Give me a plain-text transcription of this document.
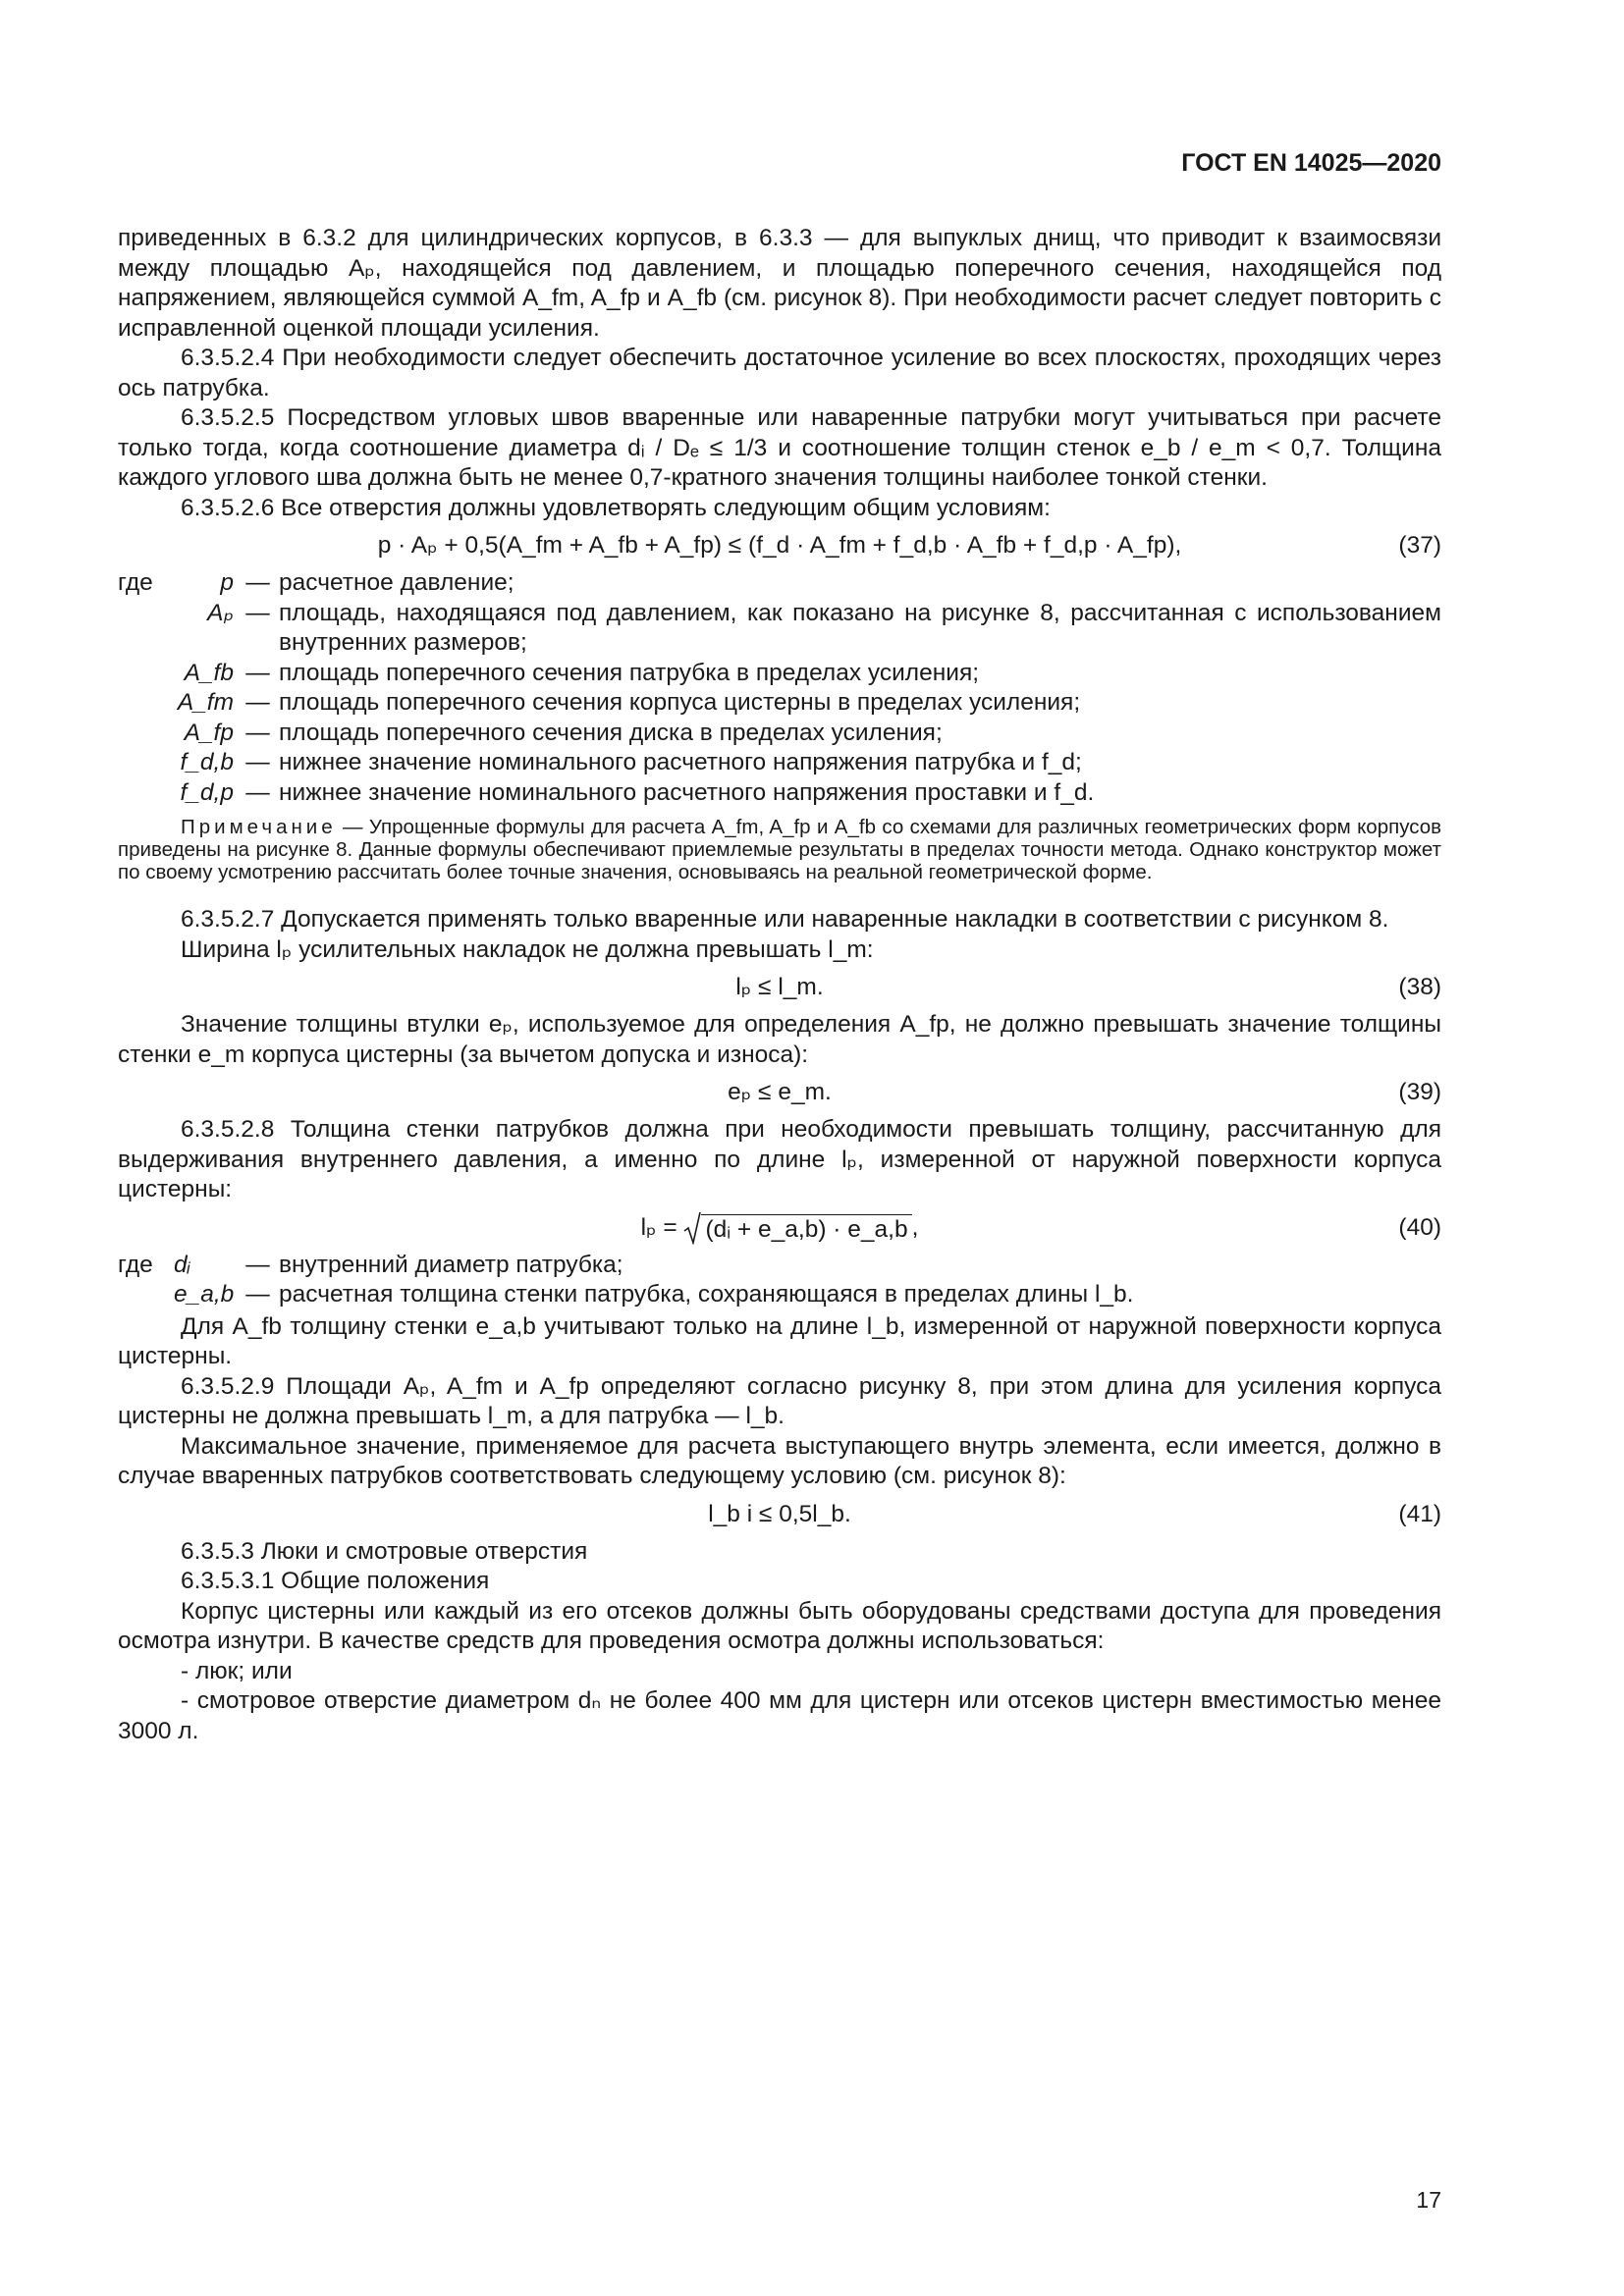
ГОСТ EN 14025—2020

приведенных в 6.3.2 для цилиндрических корпусов, в 6.3.3 — для выпуклых днищ, что приводит к взаимосвязи между площадью Aₚ, находящейся под давлением, и площадью поперечного сечения, находящейся под напряжением, являющейся суммой A_fm, A_fp и A_fb (см. рисунок 8). При необходимости расчет следует повторить с исправленной оценкой площади усиления.

6.3.5.2.4 При необходимости следует обеспечить достаточное усиление во всех плоскостях, проходящих через ось патрубка.

6.3.5.2.5 Посредством угловых швов вваренные или наваренные патрубки могут учитываться при расчете только тогда, когда соотношение диаметра dᵢ / Dₑ ≤ 1/3 и соотношение толщин стенок e_b / e_m < 0,7. Толщина каждого углового шва должна быть не менее 0,7-кратного значения толщины наиболее тонкой стенки.

6.3.5.2.6 Все отверстия должны удовлетворять следующим общим условиям:

p · Aₚ + 0,5(A_fm + A_fb + A_fp) ≤ (f_d · A_fm + f_d,b · A_fb + f_d,p · A_fp),	(37)
где	p — расчетное давление;
Aₚ — площадь, находящаяся под давлением, как показано на рисунке 8, рассчитанная с использованием внутренних размеров;
A_fb — площадь поперечного сечения патрубка в пределах усиления;
A_fm — площадь поперечного сечения корпуса цистерны в пределах усиления;
A_fp — площадь поперечного сечения диска в пределах усиления;
f_d,b — нижнее значение номинального расчетного напряжения патрубка и f_d;
f_d,p — нижнее значение номинального расчетного напряжения проставки и f_d.
Примечание — Упрощенные формулы для расчета A_fm, A_fp и A_fb со схемами для различных геометрических форм корпусов приведены на рисунке 8. Данные формулы обеспечивают приемлемые результаты в пределах точности метода. Однако конструктор может по своему усмотрению рассчитать более точные значения, основываясь на реальной геометрической форме.

6.3.5.2.7 Допускается применять только вваренные или наваренные накладки в соответствии с рисунком 8.

Ширина lₚ усилительных накладок не должна превышать l_m:

lₚ ≤ l_m.	(38)

Значение толщины втулки eₚ, используемое для определения A_fp, не должно превышать значение толщины стенки e_m корпуса цистерны (за вычетом допуска и износа):

eₚ ≤ e_m.	(39)

6.3.5.2.8 Толщина стенки патрубков должна при необходимости превышать толщину, рассчитанную для выдерживания внутреннего давления, а именно по длине lₚ, измеренной от наружной поверхности корпуса цистерны:

lₚ = (dᵢ + e_a,b) · e_a,b ,	(40)
где dᵢ	— внутренний диаметр патрубка;
e_a,b — расчетная толщина стенки патрубка, сохраняющаяся в пределах длины l_b.

Для A_fb толщину стенки e_a,b учитывают только на длине l_b, измеренной от наружной поверхности корпуса цистерны.

6.3.5.2.9 Площади Aₚ, A_fm и A_fp определяют согласно рисунку 8, при этом длина для усиления корпуса цистерны не должна превышать l_m, а для патрубка — l_b.

Максимальное значение, применяемое для расчета выступающего внутрь элемента, если имеется, должно в случае вваренных патрубков соответствовать следующему условию (см. рисунок 8):

l_b i ≤ 0,5l_b.	(41)

6.3.5.3 Люки и смотровые отверстия

6.3.5.3.1 Общие положения

Корпус цистерны или каждый из его отсеков должны быть оборудованы средствами доступа для проведения осмотра изнутри. В качестве средств для проведения осмотра должны использоваться:

- люк; или

- смотровое отверстие диаметром dₙ не более 400 мм для цистерн или отсеков цистерн вместимостью менее 3000 л.

17
